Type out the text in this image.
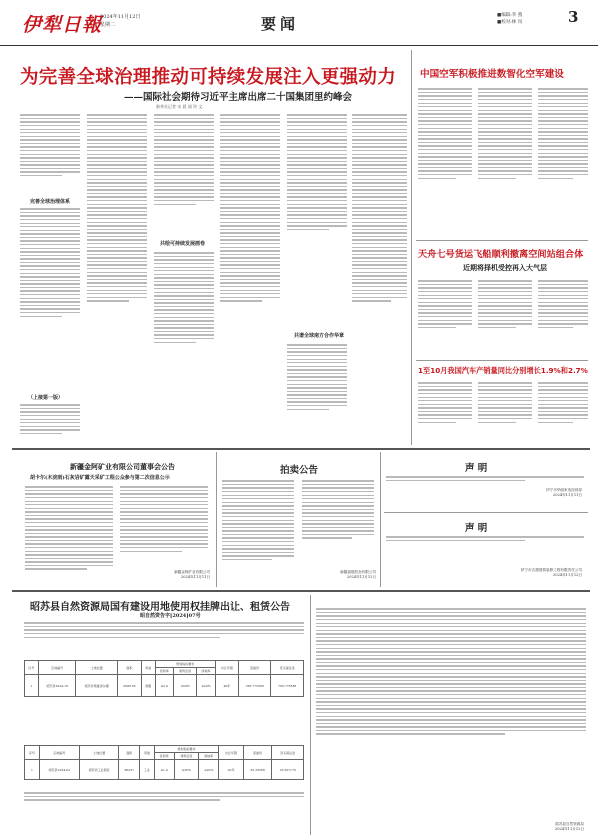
伊犁日報
2024年11月12日
星期二	要闻	■编辑:李 燕
■校对:林 岚	3
为完善全球治理推动可持续发展注入更强动力
——国际社会期待习近平主席出席二十国集团里约峰会
新华社记者 宋 晨 闻 铃 文
完善全球治理体系
（上接第一版）
共绘可持续发展画卷
共谱全球南方合作华章
中国空军积极推进数智化空军建设
天舟七号货运飞船顺利撤离空间站组合体
近期将择机受控再入大气层
1至10月我国汽车产销量同比分别增长1.9%和2.7%
新疆金阿矿业有限公司董事会公告
胡卡尔(木浣雨)石灰岩矿露天采矿工程公众参与第二次信息公示
新疆金阿矿业有限公司
2024年11月11日
拍卖公告
新疆福德拍卖有限公司
2024年11月12日
声 明
伊宁市华丽家电经营部
2024年11月11日
声 明
伊宁市吉捷建筑装修工程有限责任公司
2024年11月12日
昭苏县自然资源局国有建设用地使用权挂牌出让、租赁公告
昭自然资告字[2024]07号
序号	宗地编号	土地位置	面积	用途	规划指标要求			出让年限	起始价	竞买保证金
					容积率	建筑密度	绿地率			
1	昭苏县2024-18	昭苏县喀夏加尔镇	2898.56	商服	≤2.0	≤50%	≥20%	40年	766.775588	766.775588
序号	宗地编号	土地位置	面积	用途	规划指标要求			出让年限	起始价	竞买保证金
					容积率	建筑密度	绿地率			
1	昭苏县2024-02	昭苏县工业园区	86237	工业	≥1.0	≥30%	≤20%	20年	82.33588	16.567176
昭苏县自然资源局
2024年11月12日
